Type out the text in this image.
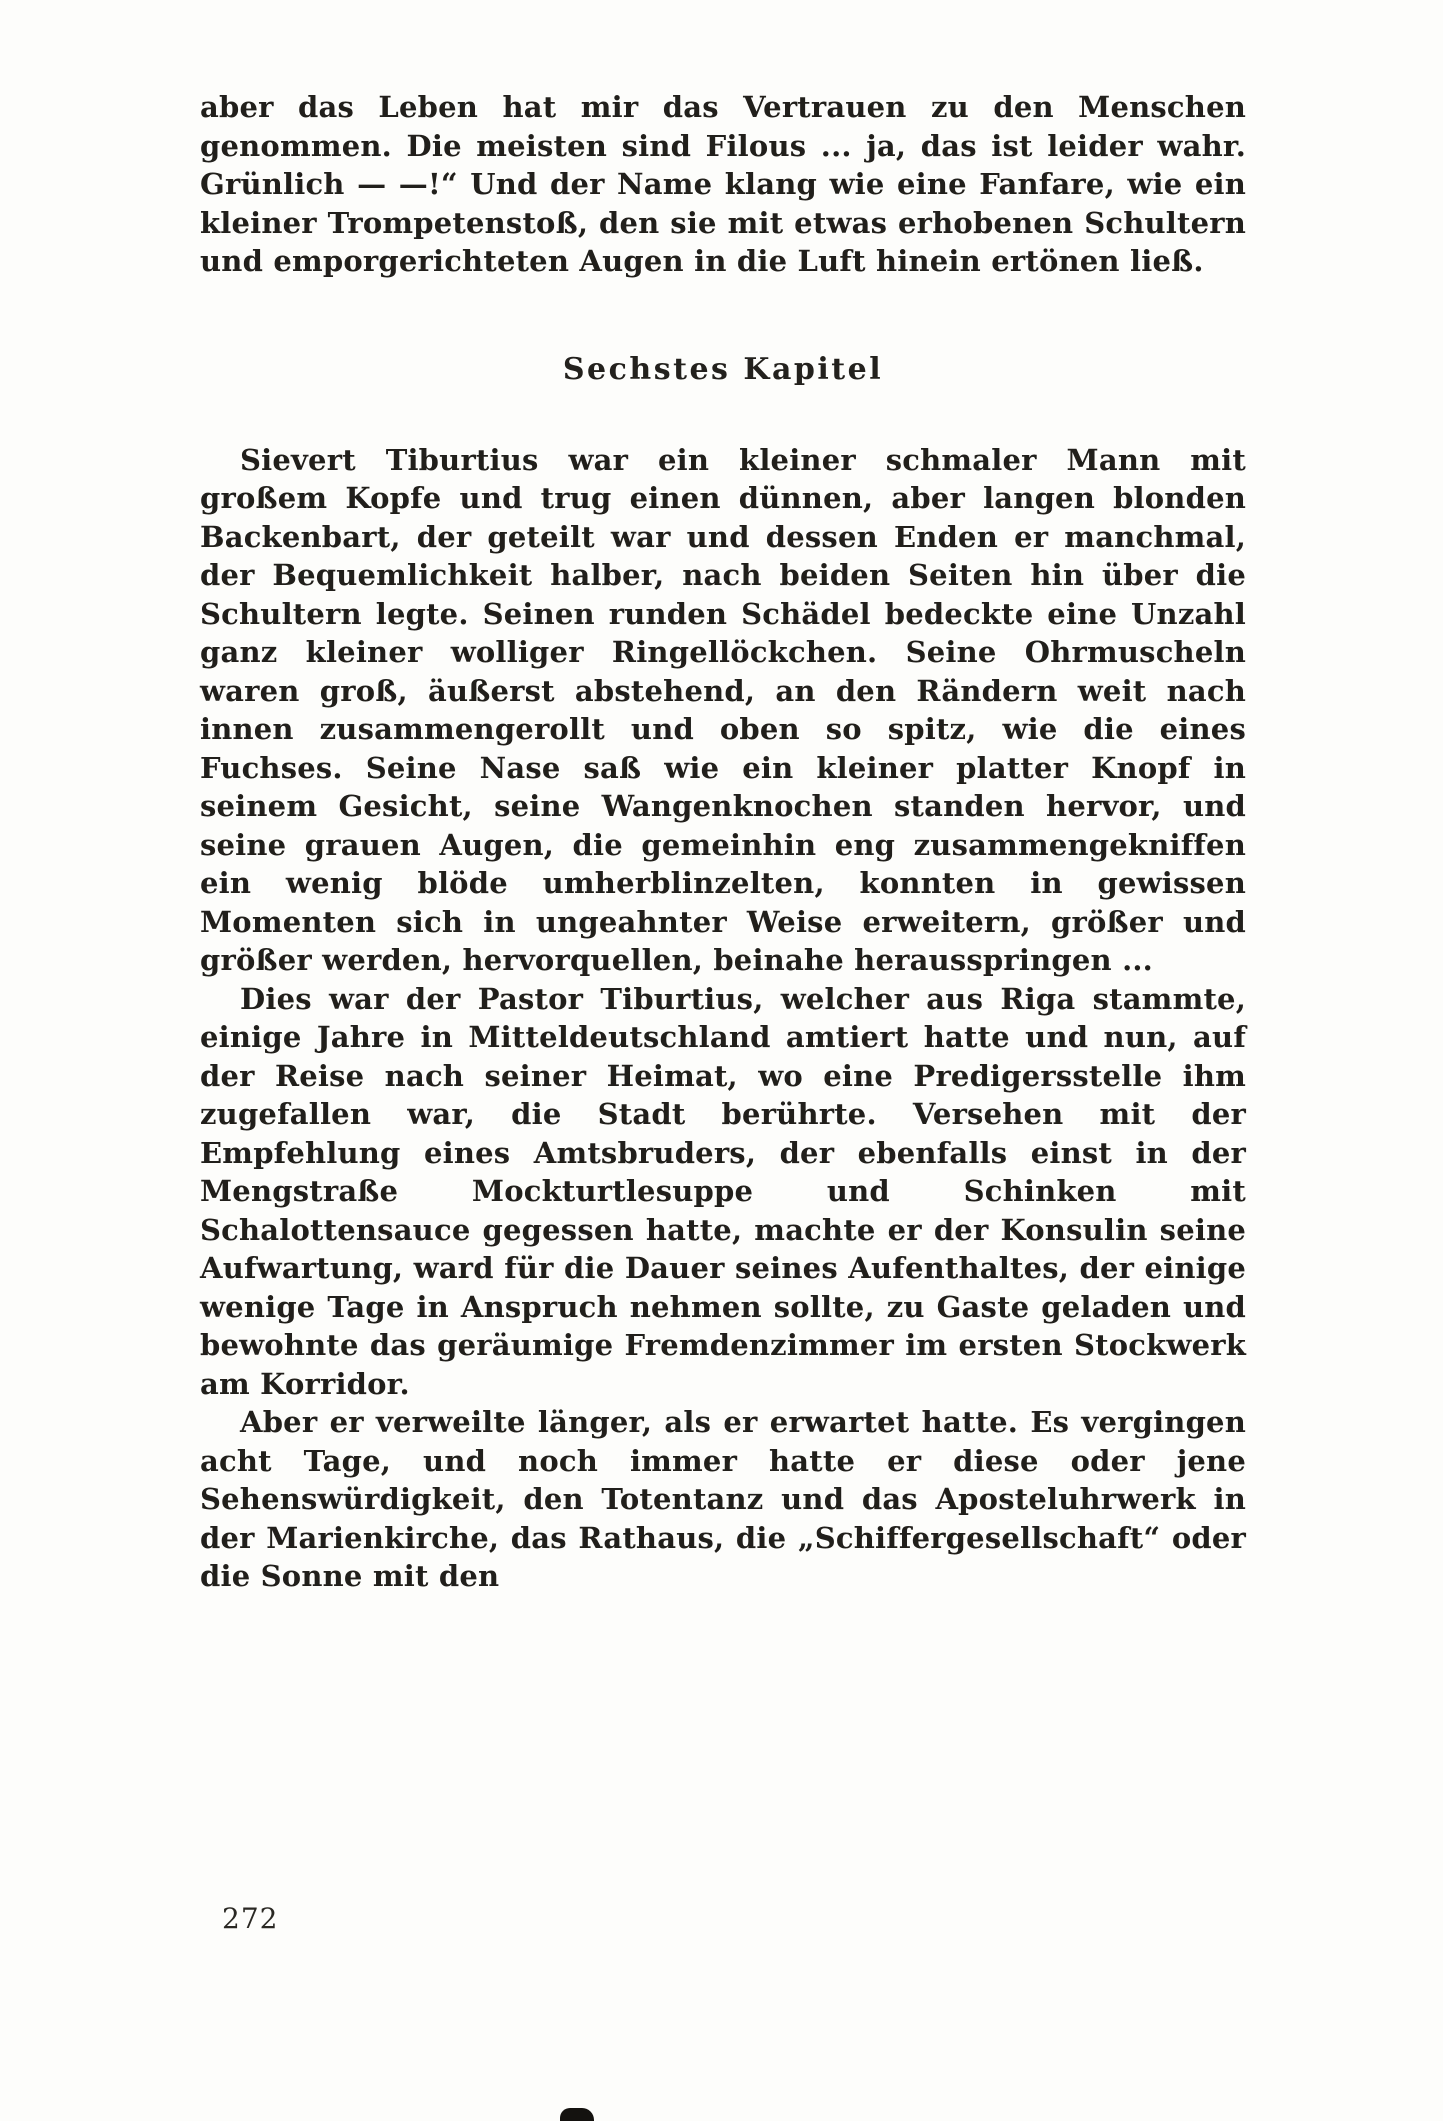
aber das Leben hat mir das Vertrauen zu den Menschen genommen. Die meisten sind Filous ... ja, das ist leider wahr. Grünlich — —!“ Und der Name klang wie eine Fanfare, wie ein kleiner Trompetenstoß, den sie mit etwas erhobenen Schultern und emporgerichteten Augen in die Luft hinein ertönen ließ.

Sechstes Kapitel

Sievert Tiburtius war ein kleiner schmaler Mann mit großem Kopfe und trug einen dünnen, aber langen blonden Backenbart, der geteilt war und dessen Enden er manchmal, der Bequemlichkeit halber, nach beiden Seiten hin über die Schultern legte. Seinen runden Schädel bedeckte eine Unzahl ganz kleiner wolliger Ringellöckchen. Seine Ohrmuscheln waren groß, äußerst abstehend, an den Rändern weit nach innen zusammengerollt und oben so spitz, wie die eines Fuchses. Seine Nase saß wie ein kleiner platter Knopf in seinem Gesicht, seine Wangenknochen standen hervor, und seine grauen Augen, die gemeinhin eng zusammengekniffen ein wenig blöde umherblinzelten, konnten in gewissen Momenten sich in ungeahnter Weise erweitern, größer und größer werden, hervorquellen, beinahe herausspringen ...

Dies war der Pastor Tiburtius, welcher aus Riga stammte, einige Jahre in Mitteldeutschland amtiert hatte und nun, auf der Reise nach seiner Heimat, wo eine Predigersstelle ihm zugefallen war, die Stadt berührte. Versehen mit der Empfehlung eines Amtsbruders, der ebenfalls einst in der Mengstraße Mockturtlesuppe und Schinken mit Schalottensauce gegessen hatte, machte er der Konsulin seine Aufwartung, ward für die Dauer seines Aufenthaltes, der einige wenige Tage in Anspruch nehmen sollte, zu Gaste geladen und bewohnte das geräumige Fremdenzimmer im ersten Stockwerk am Korridor.

Aber er verweilte länger, als er erwartet hatte. Es vergingen acht Tage, und noch immer hatte er diese oder jene Sehenswürdigkeit, den Totentanz und das Aposteluhrwerk in der Marienkirche, das Rathaus, die „Schiffergesellschaft“ oder die Sonne mit den

272
